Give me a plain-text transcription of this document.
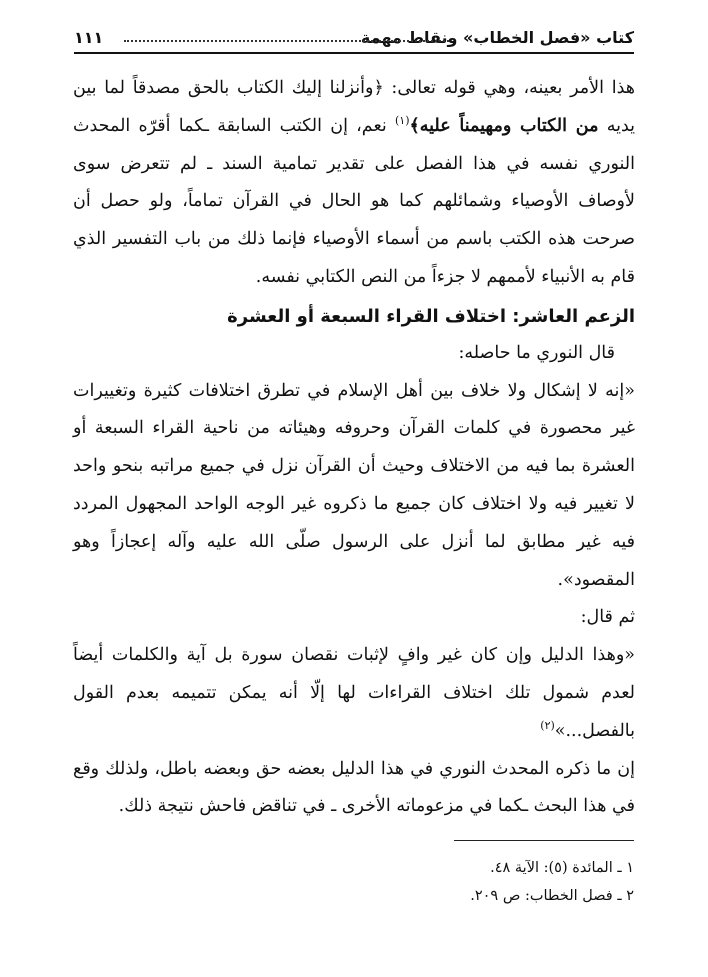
كتاب «فصل الخطاب» ونقاط مهمة
١١١

هذا الأمر بعينه، وهي قوله تعالى: ﴿وأنزلنا إليك الكتاب بالحق مصدقاً لما بين يديه من الكتاب ومهيمناً عليه﴾$^{(١)}$ نعم، إن الكتب السابقة ـكما أقرّه المحدث النوري نفسه في هذا الفصل على تقدير تمامية السند ـ لم تتعرض سوى لأوصاف الأوصياء وشمائلهم كما هو الحال في القرآن تماماً، ولو حصل أن صرحت هذه الكتب باسم من أسماء الأوصياء فإنما ذلك من باب التفسير الذي قام به الأنبياء لأممهم لا جزءاً من النص الكتابي نفسه.

الزعم العاشر: اختلاف القراء السبعة أو العشرة

قال النوري ما حاصله:

«إنه لا إشكال ولا خلاف بين أهل الإسلام في تطرق اختلافات كثيرة وتغييرات غير محصورة في كلمات القرآن وحروفه وهيئاته من ناحية القراء السبعة أو العشرة بما فيه من الاختلاف وحيث أن القرآن نزل في جميع مراتبه بنحو واحد لا تغيير فيه ولا اختلاف كان جميع ما ذكروه غير الوجه الواحد المجهول المردد فيه غير مطابق لما أنزل على الرسول صلّى الله عليه وآله إعجازاً وهو المقصود».

ثم قال:

«وهذا الدليل وإن كان غير وافٍ لإثبات نقصان سورة بل آية والكلمات أيضاً لعدم شمول تلك اختلاف القراءات لها إلّا أنه يمكن تتميمه بعدم القول بالفصل...»$^{(٢)}$

إن ما ذكره المحدث النوري في هذا الدليل بعضه حق وبعضه باطل، ولذلك وقع في هذا البحث ـكما في مزعوماته الأخرى ـ في تناقض فاحش نتيجة ذلك.

١ ـ المائدة (٥): الآية ٤٨.
٢ ـ فصل الخطاب: ص ٢٠٩.
